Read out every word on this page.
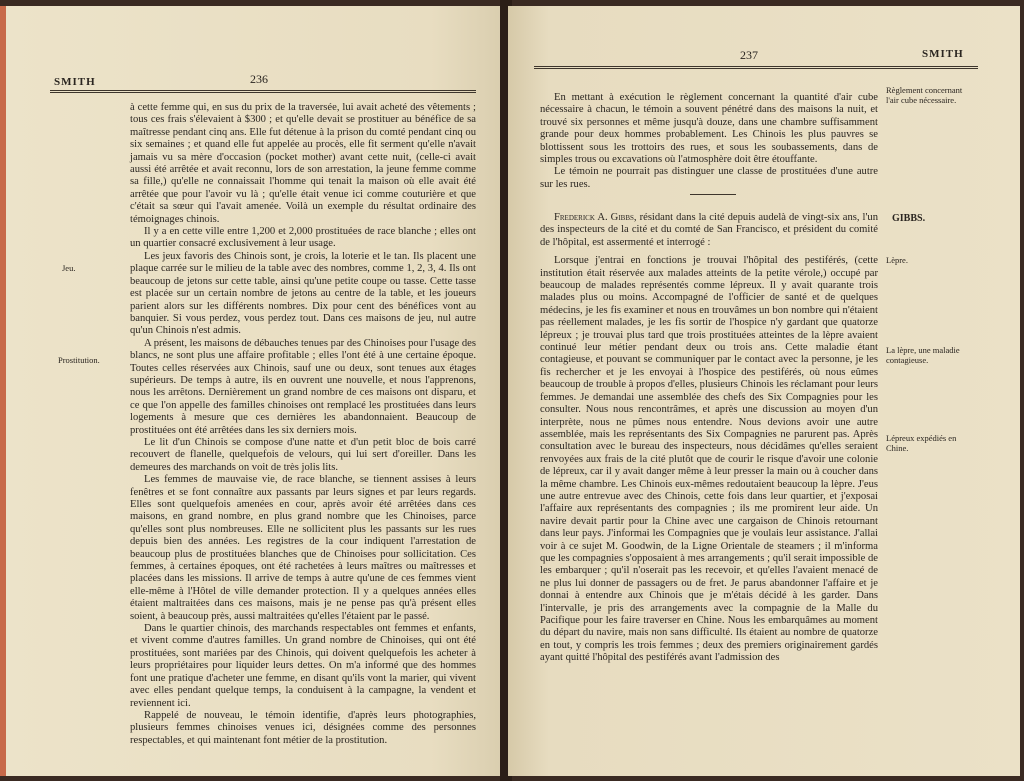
SMITH	236

à cette femme qui, en sus du prix de la traversée, lui avait acheté des vêtements ; tous ces frais s'élevaient à $300 ; et qu'elle devait se prostituer au bénéfice de sa maîtresse pendant cinq ans. Elle fut détenue à la prison du comté pendant cinq ou six semaines ; et quand elle fut appelée au procès, elle fit serment qu'elle n'avait jamais vu sa mère d'occasion (pocket mother) avant cette nuit, (celle-ci avait aussi été arrêtée et avait reconnu, lors de son arrestation, la jeune femme comme sa fille,) qu'elle ne connaissait l'homme qui tenait la maison où elle avait été arrêtée que pour l'avoir vu là ; qu'elle était venue ici comme couturière et que c'était sa sœur qui l'avait amenée. Voilà un exemple du résultat ordinaire des témoignages chinois.

Il y a en cette ville entre 1,200 et 2,000 prostituées de race blanche ; elles ont un quartier consacré exclusivement à leur usage.

Les jeux favoris des Chinois sont, je crois, la loterie et le tan. Ils placent une plaque carrée sur le milieu de la table avec des nombres, comme 1, 2, 3, 4. Ils ont beaucoup de jetons sur cette table, ainsi qu'une petite coupe ou tasse. Cette tasse est placée sur un certain nombre de jetons au centre de la table, et les joueurs parient alors sur les différents nombres. Dix pour cent des bénéfices vont au banquier. Si vous perdez, vous perdez tout. Dans ces maisons de jeu, nul autre qu'un Chinois n'est admis.

A présent, les maisons de débauches tenues par des Chinoises pour l'usage des blancs, ne sont plus une affaire profitable ; elles l'ont été à une certaine époque. Toutes celles réservées aux Chinois, sauf une ou deux, sont tenues aux étages supérieurs. De temps à autre, ils en ouvrent une nouvelle, et nous l'apprenons, nous les arrêtons. Dernièrement un grand nombre de ces maisons ont disparu, et ce que l'on appelle des familles chinoises ont remplacé les prostituées dans leurs logements à mesure que ces dernières les abandonnaient. Beaucoup de prostituées ont été arrêtées dans les six derniers mois.

Le lit d'un Chinois se compose d'une natte et d'un petit bloc de bois carré recouvert de flanelle, quelquefois de velours, qui lui sert d'oreiller. Dans les demeures des marchands on voit de très jolis lits.

Les femmes de mauvaise vie, de race blanche, se tiennent assises à leurs fenêtres et se font connaître aux passants par leurs signes et par leurs regards. Elles sont quelquefois amenées en cour, après avoir été arrêtées dans ces maisons, en grand nombre, en plus grand nombre que les Chinoises, parce qu'elles sont plus nombreuses. Elle ne sollicitent plus les passants sur les rues depuis bien des années. Les registres de la cour indiquent l'arrestation de beaucoup plus de prostituées blanches que de Chinoises pour sollicitation. Ces femmes, à certaines époques, ont été rachetées à leurs maîtres ou maîtresses et placées dans les missions. Il arrive de temps à autre qu'une de ces femmes vient elle-même à l'Hôtel de ville demander protection. Il y a quelques années elles étaient maltraitées dans ces maisons, mais je ne pense pas qu'à présent elles soient, à beaucoup près, aussi maltraitées qu'elles l'étaient par le passé.

Dans le quartier chinois, des marchands respectables ont femmes et enfants, et vivent comme d'autres familles. Un grand nombre de Chinoises, qui ont été prostituées, sont mariées par des Chinois, qui doivent quelquefois les acheter à leurs propriétaires pour liquider leurs dettes. On m'a informé que des hommes font une pratique d'acheter une femme, en disant qu'ils vont la marier, qui vivent avec elles pendant quelque temps, la conduisent à la campagne, la vendent et reviennent ici.

Rappelé de nouveau, le témoin identifie, d'après leurs photographies, plusieurs femmes chinoises venues ici, désignées comme des personnes respectables, et qui maintenant font métier de la prostitution.

Jeu.
Prostitution.
237	SMITH

En mettant à exécution le règlement concernant la quantité d'air cube nécessaire à chacun, le témoin a souvent pénétré dans des maisons la nuit, et trouvé six personnes et même jusqu'à douze, dans une chambre suffisamment grande pour deux hommes probablement. Les Chinois les plus pauvres se blottissent sous les trottoirs des rues, et sous les soubassements, dans de simples trous ou excavations où l'atmosphère doit être étouffante.

Le témoin ne pourrait pas distinguer une classe de prostituées d'une autre sur les rues.

Frederick A. Gibbs, résidant dans la cité depuis audelà de vingt-six ans, l'un des inspecteurs de la cité et du comté de San Francisco, et président du comité de l'hôpital, est assermenté et interrogé :

Lorsque j'entrai en fonctions je trouvai l'hôpital des pestiférés, (cette institution était réservée aux malades atteints de la petite vérole,) occupé par beaucoup de malades représentés comme lépreux. Il y avait quarante trois malades plus ou moins. Accompagné de l'officier de santé et de quelques médecins, je les fis examiner et nous en trouvâmes un bon nombre qui n'étaient pas réellement malades, je les fis sortir de l'hospice n'y gardant que quatorze lépreux ; je trouvai plus tard que trois prostituées atteintes de la lèpre avaient continué leur métier pendant deux ou trois ans. Cette maladie étant contagieuse, et pouvant se communiquer par le contact avec la personne, je les fis rechercher et je les envoyai à l'hospice des pestiférés, où nous eûmes beaucoup de trouble à propos d'elles, plusieurs Chinois les réclamant pour leurs femmes. Je demandai une assemblée des chefs des Six Compagnies pour les consulter. Nous nous rencontrâmes, et après une discussion au moyen d'un interprète, nous ne pûmes nous entendre. Nous devions avoir une autre assemblée, mais les représentants des Six Compagnies ne parurent pas. Après consultation avec le bureau des inspecteurs, nous décidâmes qu'elles seraient renvoyées aux frais de la cité plutôt que de courir le risque d'avoir une colonie de lépreux, car il y avait danger même à leur presser la main ou à coucher dans la même chambre. Les Chinois eux-mêmes redoutaient beaucoup la lèpre. J'eus une autre entrevue avec des Chinois, cette fois dans leur quartier, et j'exposai l'affaire aux représentants des compagnies ; ils me promirent leur aide. Un navire devait partir pour la Chine avec une cargaison de Chinois retournant dans leur pays. J'informai les Compagnies que je voulais leur assistance. J'allai voir à ce sujet M. Goodwin, de la Ligne Orientale de steamers ; il m'informa que les compagnies s'opposaient à mes arrangements ; qu'il serait impossible de les embarquer ; qu'il n'oserait pas les recevoir, et qu'elles l'avaient menacé de ne plus lui donner de passagers ou de fret. Je parus abandonner l'affaire et je donnai à entendre aux Chinois que je m'étais décidé à les garder. Dans l'intervalle, je pris des arrangements avec la compagnie de la Malle du Pacifique pour les faire traverser en Chine. Nous les embarquâmes au moment du départ du navire, mais non sans difficulté. Ils étaient au nombre de quatorze en tout, y compris les trois femmes ; deux des premiers originairement gardés ayant quitté l'hôpital des pestiférés avant l'admission des

Règlement concernant l'air cube nécessaire.
GIBBS.
Lèpre.
La lèpre, une maladie contagieuse.
Lépreux expédiés en Chine.
